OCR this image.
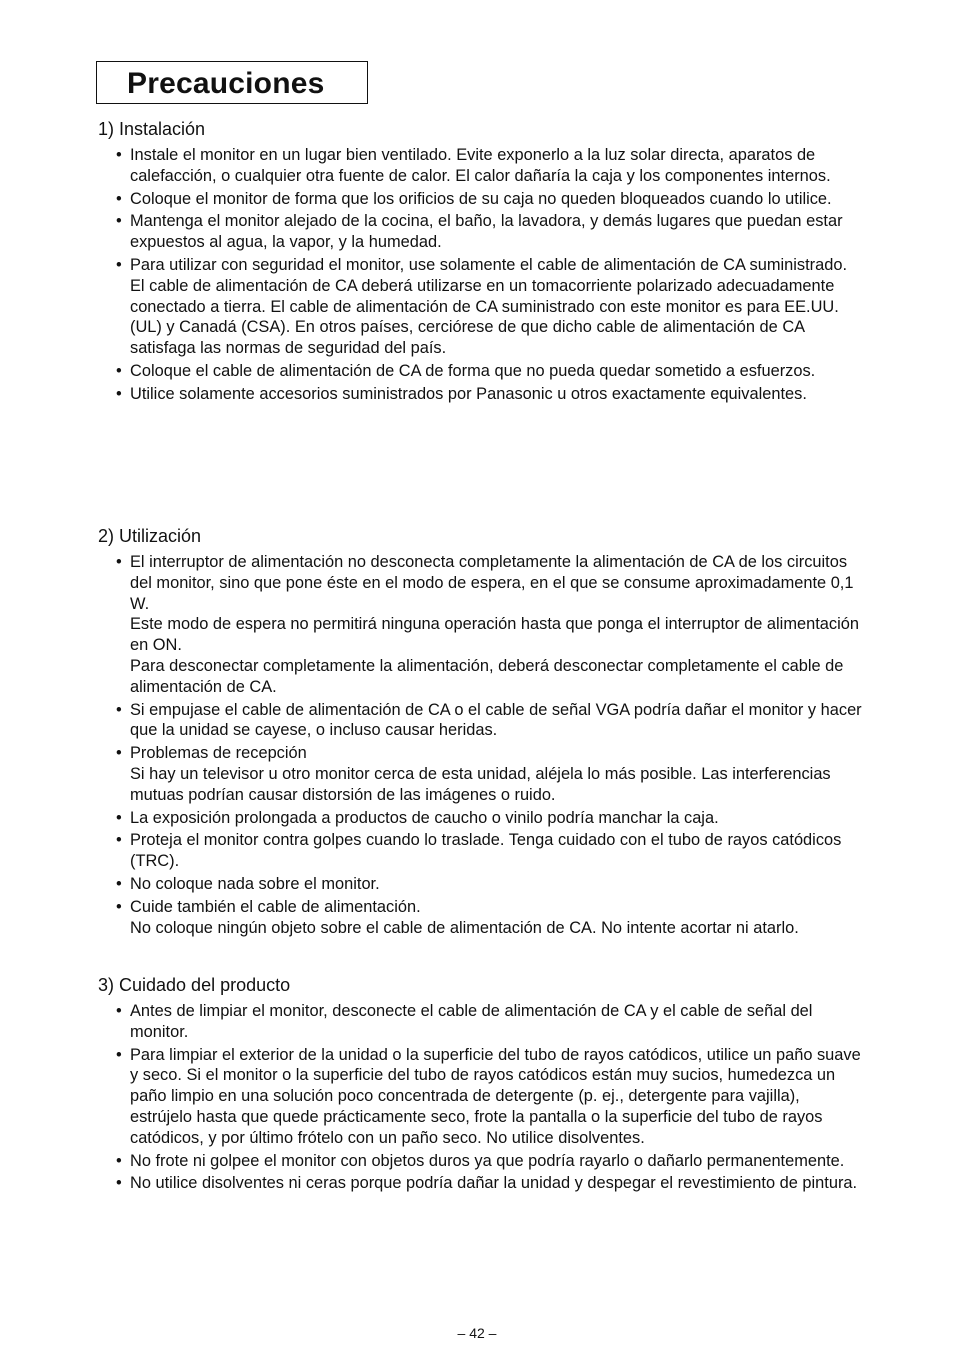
Precauciones
1) Instalación
• Instale el monitor en un lugar bien ventilado. Evite exponerlo a la luz solar directa, aparatos de calefacción, o cualquier otra fuente de calor. El calor dañaría la caja y los componentes internos.
• Coloque el monitor de forma que los orificios de su caja no queden bloqueados cuando lo utilice.
• Mantenga el monitor alejado de la cocina, el baño, la lavadora, y demás lugares que puedan estar expuestos al agua, la vapor, y la humedad.
• Para utilizar con seguridad el monitor, use solamente el cable de alimentación de CA suministrado. El cable de alimentación de CA deberá utilizarse en un tomacorriente polarizado adecuadamente conectado a tierra. El cable de alimentación de CA suministrado con este monitor es para EE.UU. (UL) y Canadá (CSA). En otros países, cerciórese de que dicho cable de alimentación de CA satisfaga las normas de seguridad del país.
• Coloque el cable de alimentación de CA de forma que no pueda quedar sometido a esfuerzos.
• Utilice solamente accesorios suministrados por Panasonic u otros exactamente equivalentes.
2) Utilización
• El interruptor de alimentación no desconecta completamente la alimentación de CA de los circuitos del monitor, sino que pone éste en el modo de espera, en el que se consume aproximadamente 0,1 W.
Este modo de espera no permitirá ninguna operación hasta que ponga el interruptor de alimentación en ON.
Para desconectar completamente la alimentación, deberá desconectar completamente el cable de alimentación de CA.
• Si empujase el cable de alimentación de CA o el cable de señal VGA podría dañar el monitor y hacer que la unidad se cayese, o incluso causar heridas.
• Problemas de recepción
Si hay un televisor u otro monitor cerca de esta unidad, aléjela lo más posible. Las interferencias mutuas podrían causar distorsión de las imágenes o ruido.
• La exposición prolongada a productos de caucho o vinilo podría manchar la caja.
• Proteja el monitor contra golpes cuando lo traslade. Tenga cuidado con el tubo de rayos catódicos (TRC).
• No coloque nada sobre el monitor.
• Cuide también el cable de alimentación.
No coloque ningún objeto sobre el cable de alimentación de CA. No intente acortar ni atarlo.
3) Cuidado del producto
• Antes de limpiar el monitor, desconecte el cable de alimentación de CA y el cable de señal del monitor.
• Para limpiar el exterior de la unidad o la superficie del tubo de rayos catódicos, utilice un paño suave y seco. Si el monitor o la superficie del tubo de rayos catódicos están muy sucios, humedezca un paño limpio en una solución poco concentrada de detergente (p. ej., detergente para vajilla), estrújelo hasta que quede prácticamente seco, frote la pantalla o la superficie del tubo de rayos catódicos, y por último frótelo con un paño seco. No utilice disolventes.
• No frote ni golpee el monitor con objetos duros ya que podría rayarlo o dañarlo permanentemente.
• No utilice disolventes ni ceras porque podría dañar la unidad y despegar el revestimiento de pintura.
– 42 –
